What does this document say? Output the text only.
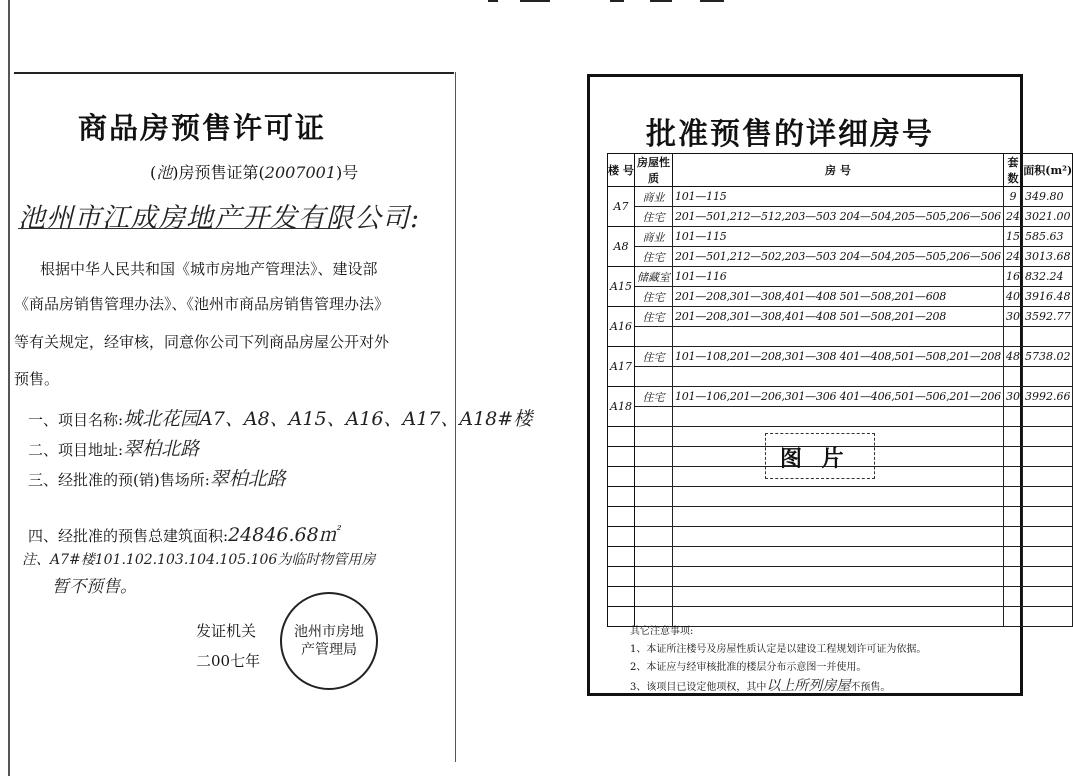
商品房预售许可证
(池)房预售证第(2007001)号
池州市江成房地产开发有限公司:
根据中华人民共和国《城市房地产管理法》、建设部
《商品房销售管理办法》、《池州市商品房销售管理办法》
等有关规定，经审核，同意你公司下列商品房屋公开对外
预售。
一、项目名称:城北花园A7、A8、A15、A16、A17、A18#楼
二、项目地址:翠柏北路
三、经批准的预(销)售场所:翠柏北路
四、经批准的预售总建筑面积:24846.68㎡
注、A7#楼101.102.103.104.105.106为临时物管用房
暂不预售。
发证机关
二00七年
池州市房地产管理局
批准预售的详细房号
楼 号	房屋性质	房 号	套数	面积(m²)
A7	商业	101—115	9	349.80
	住宅	201—501,212—512,203—503 204—504,205—505,206—506	24	3021.00
A8	商业	101—115	15	585.63
	住宅	201—501,212—502,203—503 204—504,205—505,206—506	24	3013.68
A15	储藏室	101—116	16	832.24
	住宅	201—208,301—308,401—408 501—508,201—608	40	3916.48
A16	住宅	201—208,301—308,401—408 501—508,201—208	30	3592.77

A17	住宅	101—108,201—208,301—308 401—408,501—508,201—208	48	5738.02

A18	住宅	101—106,201—206,301—306 401—406,501—506,201—206	30	3992.66

图 片
其它注意事项:
1、本证所注楼号及房屋性质认定是以建设工程规划许可证为依据。
2、本证应与经审核批准的楼层分布示意图一并使用。
3、该项目已设定他项权，其中以上所列房屋不预售。
